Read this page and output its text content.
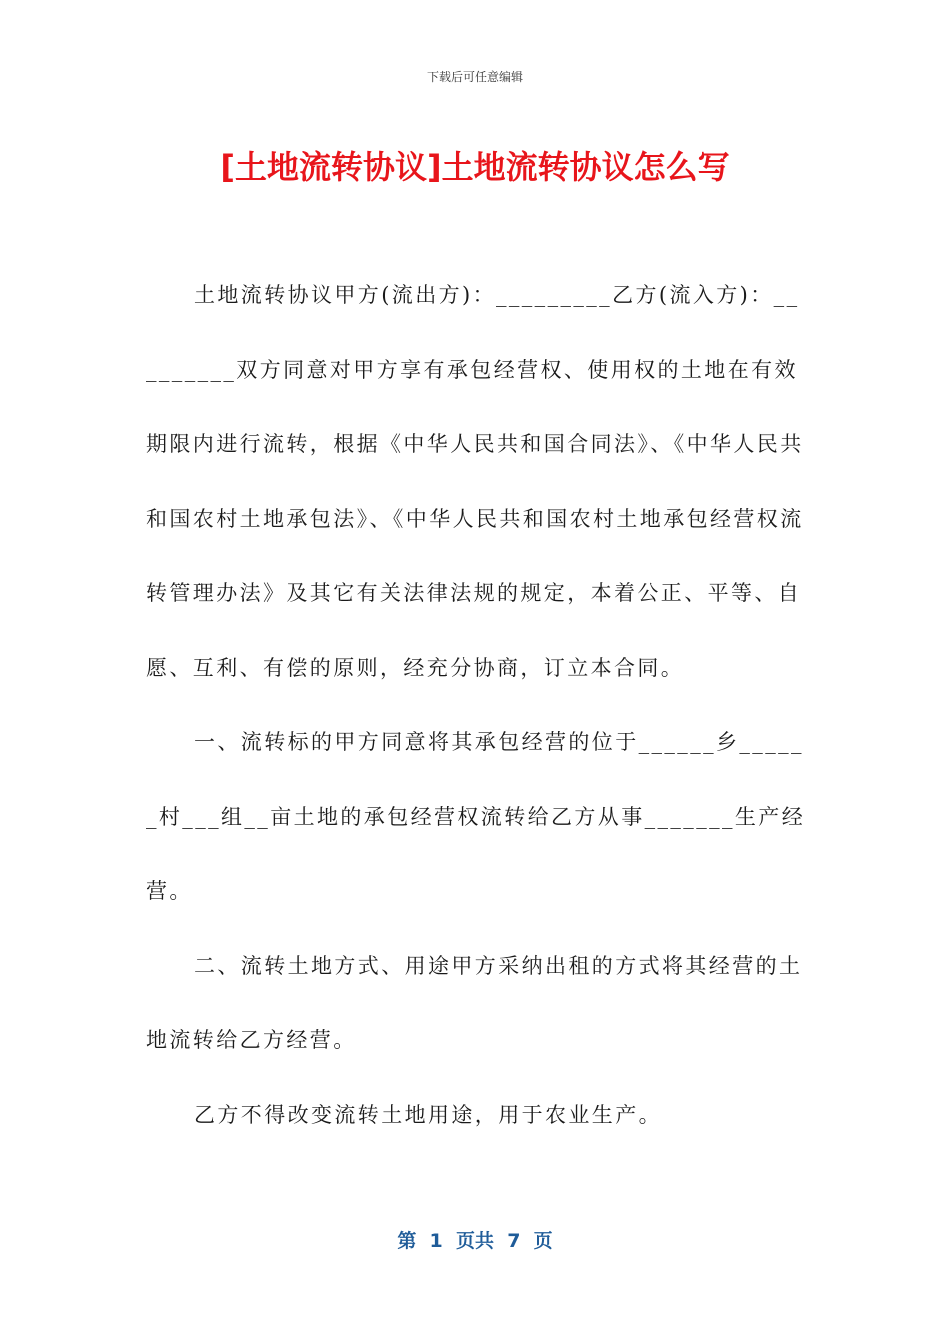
下载后可任意编辑
[土地流转协议]土地流转协议怎么写

土地流转协议甲方(流出方)：_________乙方(流入方)：_________双方同意对甲方享有承包经营权、使用权的土地在有效期限内进行流转，根据《中华人民共和国合同法》、《中华人民共和国农村土地承包法》、《中华人民共和国农村土地承包经营权流转管理办法》及其它有关法律法规的规定，本着公正、平等、自愿、互利、有偿的原则，经充分协商，订立本合同。

一、流转标的甲方同意将其承包经营的位于______乡______村___组__亩土地的承包经营权流转给乙方从事_______生产经营。

二、流转土地方式、用途甲方采纳出租的方式将其经营的土地流转给乙方经营。

乙方不得改变流转土地用途，用于农业生产。

第  1  页共  7  页
